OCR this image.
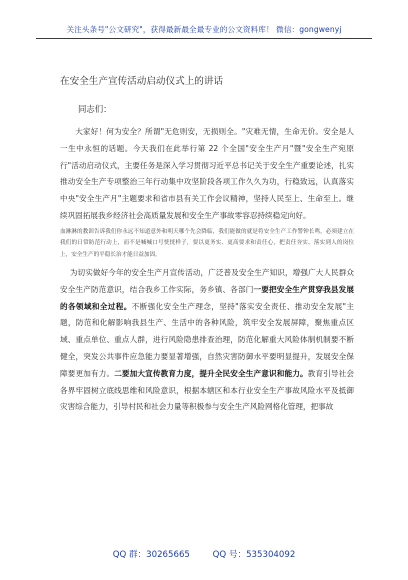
关注头条号"公文研究"，获得最新最全最专业的公文资料库！ 微信：gongwenyj
在安全生产宣传活动启动仪式上的讲话
同志们：

大家好！何为安全？所谓"无危则安，无损则全。"灾难无情，生命无价。安全是人一生中永恒的话题。今天我们在此举行第 22 个全国"安全生产月"暨"安全生产宛原行"活动启动仪式，主要任务是深入学习贯彻习近平总书记关于安全生产重要论述，扎实推动安全生产专项整治三年行动集中攻坚阶段各项工作久久为功，行稳致远，认真落实中央"安全生产月"主题要求和省市县有关工作会议精神，坚持人民至上、生命至上。继续巩固拓展我乡经济社会高质量发展和安全生产事故零容忍持续稳定向好。

血淋淋的教训告诉我们你永远不知道意外和明天哪个先会降临，我们能做的就是将安全生产工作警钟长鸣，必须建立在我们的日常防范行动上，而不是喊喊口号恍恍样子，要以更务实、更高要求和责任心，把责任夯实、落实到人的岗位上，安全生产的平稳长治才能日益加固。

为切实做好今年的安全生产月宣传活动，广泛普及安全生产知识，增强广大人民群众安全生产防范意识，结合我乡工作实际，务乡镇、各部门一要把安全生产贯穿我县发展的各领域和全过程。不断强化安全生产理念，坚持"落实安全责任、推动安全发展"主题，防范和化解影响我县生产、生活中的各种风险，筑牢安全发展屏障，聚焦重点区域、重点单位、重点人群，进行风险隐患排查治理，防范化解重大风险体制机制要不断健全，突发公共事件应急能力要显著增强，自然灾害防御水平要明显提升，发展安全保障要更加有力。二要加大宣传教育力度，提升全民安全生产意识和能力。教育引导社会各界牢固树立底线思维和风险意识，根据本辖区和本行业安全生产事故风险水平及抵御灾害综合能力，引导村民和社会力量等积极参与安全生产风险网格化管理，把事故

QQ 群：30265665	QQ 号：535304092
